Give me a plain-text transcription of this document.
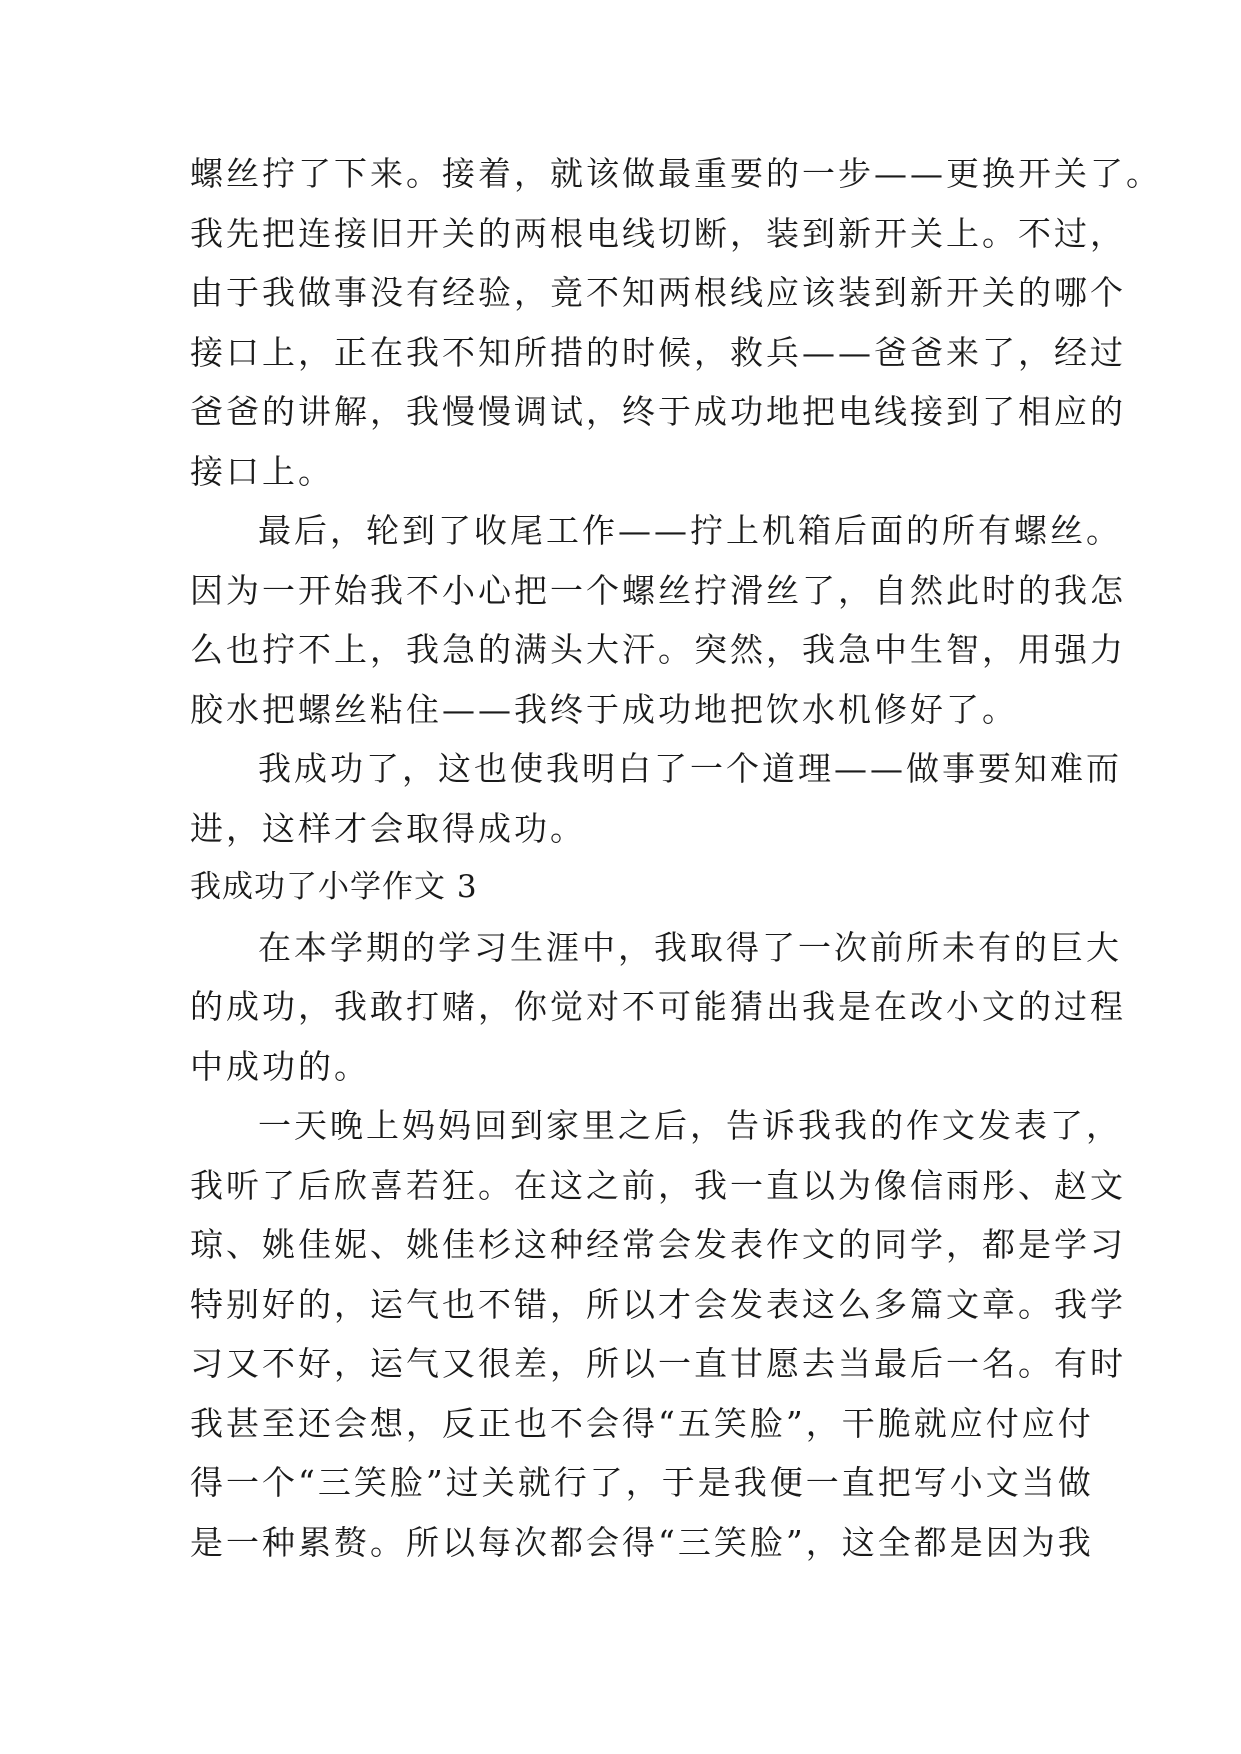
螺丝拧了下来。接着，就该做最重要的一步——更换开关了。
我先把连接旧开关的两根电线切断，装到新开关上。不过，
由于我做事没有经验，竟不知两根线应该装到新开关的哪个
接口上，正在我不知所措的时候，救兵——爸爸来了，经过
爸爸的讲解，我慢慢调试，终于成功地把电线接到了相应的
接口上。
最后，轮到了收尾工作——拧上机箱后面的所有螺丝。
因为一开始我不小心把一个螺丝拧滑丝了，自然此时的我怎
么也拧不上，我急的满头大汗。突然，我急中生智，用强力
胶水把螺丝粘住——我终于成功地把饮水机修好了。
我成功了，这也使我明白了一个道理——做事要知难而
进，这样才会取得成功。
我成功了小学作文 3
在本学期的学习生涯中，我取得了一次前所未有的巨大
的成功，我敢打赌，你觉对不可能猜出我是在改小文的过程
中成功的。
一天晚上妈妈回到家里之后，告诉我我的作文发表了，
我听了后欣喜若狂。在这之前，我一直以为像信雨彤、赵文
琼、姚佳妮、姚佳杉这种经常会发表作文的同学，都是学习
特别好的，运气也不错，所以才会发表这么多篇文章。我学
习又不好，运气又很差，所以一直甘愿去当最后一名。有时
我甚至还会想，反正也不会得“五笑脸”，干脆就应付应付
得一个“三笑脸”过关就行了，于是我便一直把写小文当做
是一种累赘。所以每次都会得“三笑脸”，这全都是因为我
